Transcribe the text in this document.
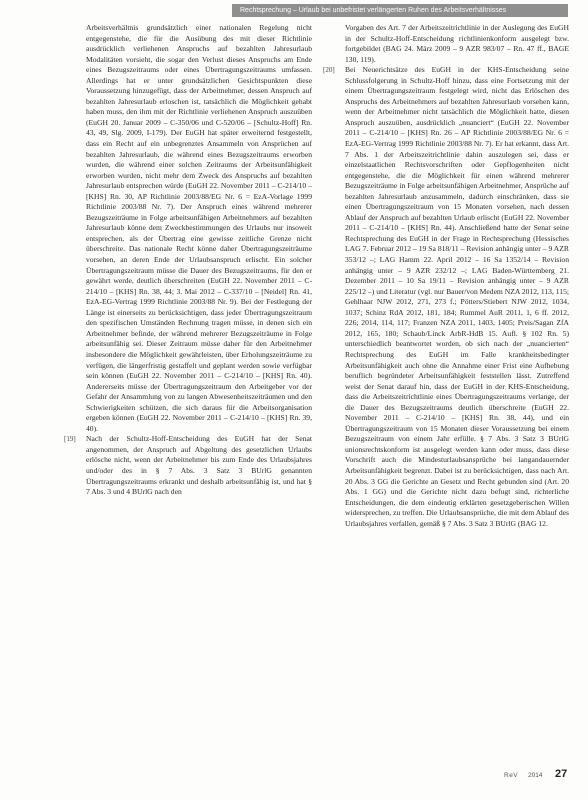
Rechtsprechung – Urlaub bei unbefristet verlängerten Ruhen des Arbeitsverhältnisses

Arbeitsverhältnis grundsätzlich einer nationalen Regelung nicht entgegenstehe, die für die Ausübung des mit dieser Richtlinie ausdrücklich verliehenen Anspruchs auf bezahlten Jahresurlaub Modalitäten vorsieht, die sogar den Verlust dieses Anspruchs am Ende eines Bezugszeitraums oder eines Übertragungszeitraums umfassen. Allerdings hat er unter grundsätzlichen Gesichtspunkten diese Voraussetzung hinzugefügt, dass der Arbeitnehmer, dessen Anspruch auf bezahlten Jahresurlaub erloschen ist, tatsächlich die Möglichkeit gehabt haben muss, den ihm mit der Richtlinie verliehenen Anspruch auszuüben (EuGH 20. Januar 2009 – C-350/06 und C-520/06 – [Schultz-Hoff] Rn. 43, 49, Slg. 2009, I-179). Der EuGH hat später erweiternd festgestellt, dass ein Recht auf ein unbegrenztes Ansammeln von Ansprüchen auf bezahlten Jahresurlaub, die während eines Bezugszeitraums erworben wurden, die während einer solchen Zeitraums der Arbeitsunfähigkeit erworben wurden, nicht mehr dem Zweck des Anspruchs auf bezahlten Jahresurlaub entsprechen würde (EuGH 22. November 2011 – C-214/10 – [KHS] Rn. 30, AP Richtlinie 2003/88/EG Nr. 6 = EzA-Vorlage 1999 Richtlinie 2003/88 Nr. 7). Der Anspruch eines während mehrerer Bezugszeiträume in Folge arbeitsunfähigen Arbeitnehmers auf bezahlten Jahresurlaub könne dem Zweckbestimmungen des Urlaubs nur insoweit entsprechen, als der Übertrag eine gewisse zeitliche Grenze nicht überschreite. Das nationale Recht könne daher Übertragungszeiträume vorsehen, an deren Ende der Urlaubsanspruch erlischt. Ein solcher Übertragungszeitraum müsse die Dauer des Bezugszeitraums, für den er gewährt werde, deutlich überschreiten (EuGH 22. November 2011 – C-214/10 – [KHS] Rn. 38, 44; 3. Mai 2012 – C-337/10 – [Neidel] Rn. 41, EzA-EG-Vertrag 1999 Richtlinie 2003/88 Nr. 9). Bei der Festlegung der Länge ist einerseits zu berücksichtigen, dass jeder Übertragungszeitraum den spezifischen Umständen Rechnung tragen müsse, in denen sich ein Arbeitnehmer befinde, der während mehrerer Bezugszeiträume in Folge arbeitsunfähig sei. Dieser Zeitraum müsse daher für den Arbeitnehmer insbesondere die Möglichkeit gewährleisten, über Erholungszeiträume zu verfügen, die längerfristig gestaffelt und geplant werden sowie verfügbar sein können (EuGH 22. November 2011 – C-214/10 – [KHS] Rn. 40). Andererseits müsse der Übertragungszeitraum den Arbeitgeber vor der Gefahr der Ansammlung von zu langen Abwesenheitszeiträumen und den Schwierigkeiten schützen, die sich daraus für die Arbeitsorganisation ergeben können (EuGH 22. November 2011 – C-214/10 – [KHS] Rn. 39, 40).

[19] Nach der Schultz-Hoff-Entscheidung des EuGH hat der Senat angenommen, der Anspruch auf Abgeltung des gesetzlichen Urlaubs erlösche nicht, wenn der Arbeitnehmer bis zum Ende des Urlaubsjahres und/oder des in § 7 Abs. 3 Satz 3 BUrlG genannten Übertragungszeitraums erkrankt und deshalb arbeitsunfähig ist, und hat § 7 Abs. 3 und 4 BUrlG nach den

Vorgaben des Art. 7 der Arbeitszeitrichtlinie in der Auslegung des EuGH in der Schultz-Hoff-Entscheidung richtlinienkonform ausgelegt bzw. fortgebildet (BAG 24. März 2009 – 9 AZR 983/07 – Rn. 47 ff., BAGE 130, 119).

[20] Bei Neuerichtsätze des EuGH in der KHS-Entscheidung seine Schlussfolgerung in Schultz-Hoff hinzu, dass eine Fortsetzung mit der einem Übertragungszeitraum festgelegt wird, nicht das Erlöschen des Anspruchs des Arbeitnehmers auf bezahlten Jahresurlaub vorsehen kann, wenn der Arbeitnehmer nicht tatsächlich die Möglichkeit hatte, diesen Anspruch auszuüben, ausdrücklich „nuanciert“ (EuGH 22. November 2011 – C-214/10 – [KHS] Rn. 26 – AP Richtlinie 2003/88/EG Nr. 6 = EzA-EG-Vertrag 1999 Richtlinie 2003/88 Nr. 7). Er hat erkannt, dass Art. 7 Abs. 1 der Arbeitszeitrichtlinie dahin auszulegen sei, dass er einzelstaatlichen Rechtsvorschriften oder Gepflogenheiten nicht entgegenstehe, die die Möglichkeit für einen während mehrerer Bezugszeiträume in Folge arbeitsunfähigen Arbeitnehmer, Ansprüche auf bezahlten Jahresurlaub anzusammeln, dadurch einschränken, dass sie einen Übertragungszeitraum von 15 Monaten vorsehen, nach dessen Ablauf der Anspruch auf bezahlten Urlaub erlischt (EuGH 22. November 2011 – C-214/10 – [KHS] Rn. 44). Anschließend hatte der Senat seine Rechtsprechung des EuGH in der Frage in Rechtsprechung (Hessisches LAG 7. Februar 2012 – 19 Sa 818/11 – Revision anhängig unter – 9 AZR 353/12 –; LAG Hamm 22. April 2012 – 16 Sa 1352/14 – Revision anhängig unter – 9 AZR 232/12 –; LAG Baden-Württemberg 21. Dezember 2011 – 10 Sa 19/11 – Revision anhängig unter – 9 AZR 225/12 –) und Literatur (vgl. nur Bauer/von Medem NZA 2012, 113, 115; Gehlhaar NJW 2012, 271, 273 f.; Pötters/Stiebert NJW 2012, 1034, 1037; Schinz RdA 2012, 181, 184; Rummel AuR 2011, 1, 6 ff. 2012, 226; 2014, 114, 117; Franzen NZA 2011, 1403, 1405; Preis/Sagan ZfA 2012, 165, 180; Schaub/Linck ArbR-HdB 15. Aufl. § 102 Rn. 5) unterschiedlich beantwortet worden, ob sich nach der „nuancierten“ Rechtsprechung des EuGH im Falle krankheitsbedingter Arbeitsunfähigkeit auch ohne die Annahme einer Frist eine Aufhebung beruflich begründeter Arbeitsunfähigkeit feststellen lässt. Zutreffend weist der Senat darauf hin, dass der EuGH in der KHS-Entscheidung, dass die Arbeitszeitrichtlinie eines Übertragungszeitraums verlange, der die Dauer des Bezugszeitraums deutlich überschreite (EuGH 22. November 2011 – C-214/10 – [KHS] Rn. 38, 44), und ein Übertragungszeitraum von 15 Monaten dieser Voraussetzung bei einem Bezugszeitraum von einem Jahr erfülle. § 7 Abs. 3 Satz 3 BUrlG unionsrechtskonform ist ausgelegt werden kann oder muss, dass diese Vorschrift auch die Mindesturlaubsansprüche bei langandauernder Arbeitsunfähigkeit begrenzt. Dabei ist zu berücksichtigen, dass nach Art. 20 Abs. 3 GG die Gerichte an Gesetz und Recht gebunden sind (Art. 20 Abs. 1 GG) und die Gerichte nicht dazu befugt sind, richterliche Entscheidungen, die dem eindeutig erklärten gesetzgeberischen Willen widersprechen, zu treffen. Die Urlaubsansprüche, die mit dem Ablauf des Urlaubsjahres verfallen, gemäß § 7 Abs. 3 Satz 3 BUrlG (BAG 12.

ReV 2014 27
